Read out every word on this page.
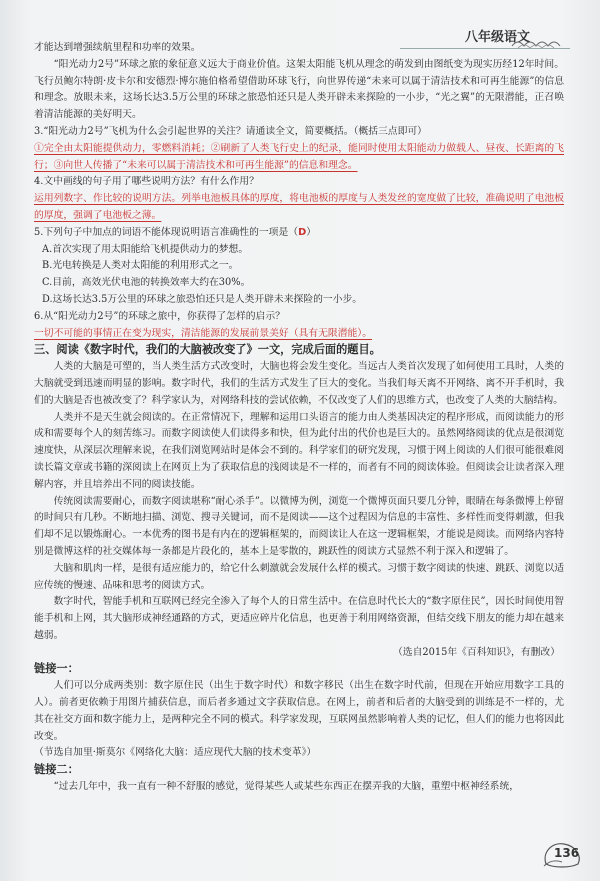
八年级语文

才能达到增强续航里程和功率的效果。

“阳光动力2号”环球之旅的象征意义远大于商业价值。这架太阳能飞机从理念的萌发到由图纸变为现实历经12年时间。飞行员鲍尔特朗·皮卡尔和安德烈·博尔施伯格希望借助环球飞行，向世界传递“未来可以属于清洁技术和可再生能源”的信息和理念。放眼未来，这场长达3.5万公里的环球之旅恐怕还只是人类开辟未来探险的一小步，“光之翼”的无限潜能，正召唤着清洁能源的美好明天。

3.“阳光动力2号”飞机为什么会引起世界的关注？请通读全文，简要概括。（概括三点即可）

①完全由太阳能提供动力，零燃料消耗；②刷新了人类飞行史上的纪录，能同时使用太阳能动力做载人、昼夜、长距离的飞行；③向世人传播了“未来可以属于清洁技术和可再生能源”的信息和理念。

4.文中画线的句子用了哪些说明方法？有什么作用？

运用列数字、作比较的说明方法。列举电池板具体的厚度，将电池板的厚度与人类发丝的宽度做了比较，准确说明了电池板的厚度，强调了电池板之薄。

5.下列句子中加点的词语不能体现说明语言准确性的一项是（D）

A.首次实现了用太阳能给飞机提供动力的梦想。

B.光电转换是人类对太阳能的利用形式之一。

C.目前，高效光伏电池的转换效率大约在30%。

D.这场长达3.5万公里的环球之旅恐怕还只是人类开辟未来探险的一小步。

6.从“阳光动力2号”的环球之旅中，你获得了怎样的启示？

一切不可能的事情正在变为现实，清洁能源的发展前景美好（具有无限潜能）。

三、阅读《数字时代，我们的大脑被改变了》一文，完成后面的题目。

人类的大脑是可塑的，当人类生活方式改变时，大脑也将会发生变化。当远古人类首次发现了如何使用工具时，人类的大脑就受到迅速而明显的影响。数字时代，我们的生活方式发生了巨大的变化。当我们每天离不开网络、离不开手机时，我们的大脑是否也被改变了？科学家认为，对网络科技的尝试依赖，不仅改变了人们的思维方式，也改变了人类的大脑结构。

人类并不是天生就会阅读的。在正常情况下，理解和运用口头语言的能力由人类基因决定的程序形成，而阅读能力的形成和需要每个人的刻苦练习。而数字阅读使人们读得多和快，但为此付出的代价也是巨大的。虽然网络阅读的优点是很浏览速度快，从深层次理解来说，在我们浏览网站时是体会不到的。科学家们的研究发现，习惯于网上阅读的人们很可能很难阅读长篇文章或书籍的深阅读上在网页上为了获取信息的浅阅读是不一样的，而者有不同的阅读体验。但阅读会让读者深入理解内容，并且培养出不同的阅读技能。

传统阅读需要耐心，而数字阅读堪称“耐心杀手”。以微博为例，浏览一个微博页面只要几分钟，眼睛在每条微博上停留的时间只有几秒。不断地扫描、浏览、搜寻关键词，而不是阅读——这个过程因为信息的丰富性、多样性而变得刺激，但我们却不足以锻炼耐心。一本优秀的图书是有内在的逻辑框架的，而阅读让人在这一逻辑框架，才能说是阅读。而网络内容特别是微博这样的社交媒体每一条都是片段化的，基本上是零散的，跳跃性的阅读方式显然不利于深入和逻辑了。

大脑和肌肉一样，是很有适应能力的，给它什么刺激就会发展什么样的模式。习惯于数字阅读的快速、跳跃、浏览以适应传统的慢速、品味和思考的阅读方式。

数字时代，智能手机和互联网已经完全渗入了每个人的日常生活中。在信息时代长大的“数字原住民”，因长时间使用智能手机和上网，其大脑形成神经通路的方式，更适应碎片化信息，也更善于利用网络资源，但结交线下朋友的能力却在越来越弱。

（选自2015年《百科知识》，有删改）

链接一：

人们可以分成两类别：数字原住民（出生于数字时代）和数字移民（出生在数字时代前，但现在开始应用数字工具的人）。前者更依赖于用图片捕获信息，而后者多通过文字获取信息。在网上，前者和后者的大脑受到的训练是不一样的，尤其在社交方面和数字能力上，是两种完全不同的模式。科学家发现，互联网虽然影响着人类的记忆，但人们的能力也将因此改变。

（节选自加里·斯莫尔《网络化大脑：适应现代大脑的技术变革》）

链接二：

“过去几年中，我一直有一种不舒服的感觉，觉得某些人或某些东西正在摆弄我的大脑，重塑中枢神经系统，

136
